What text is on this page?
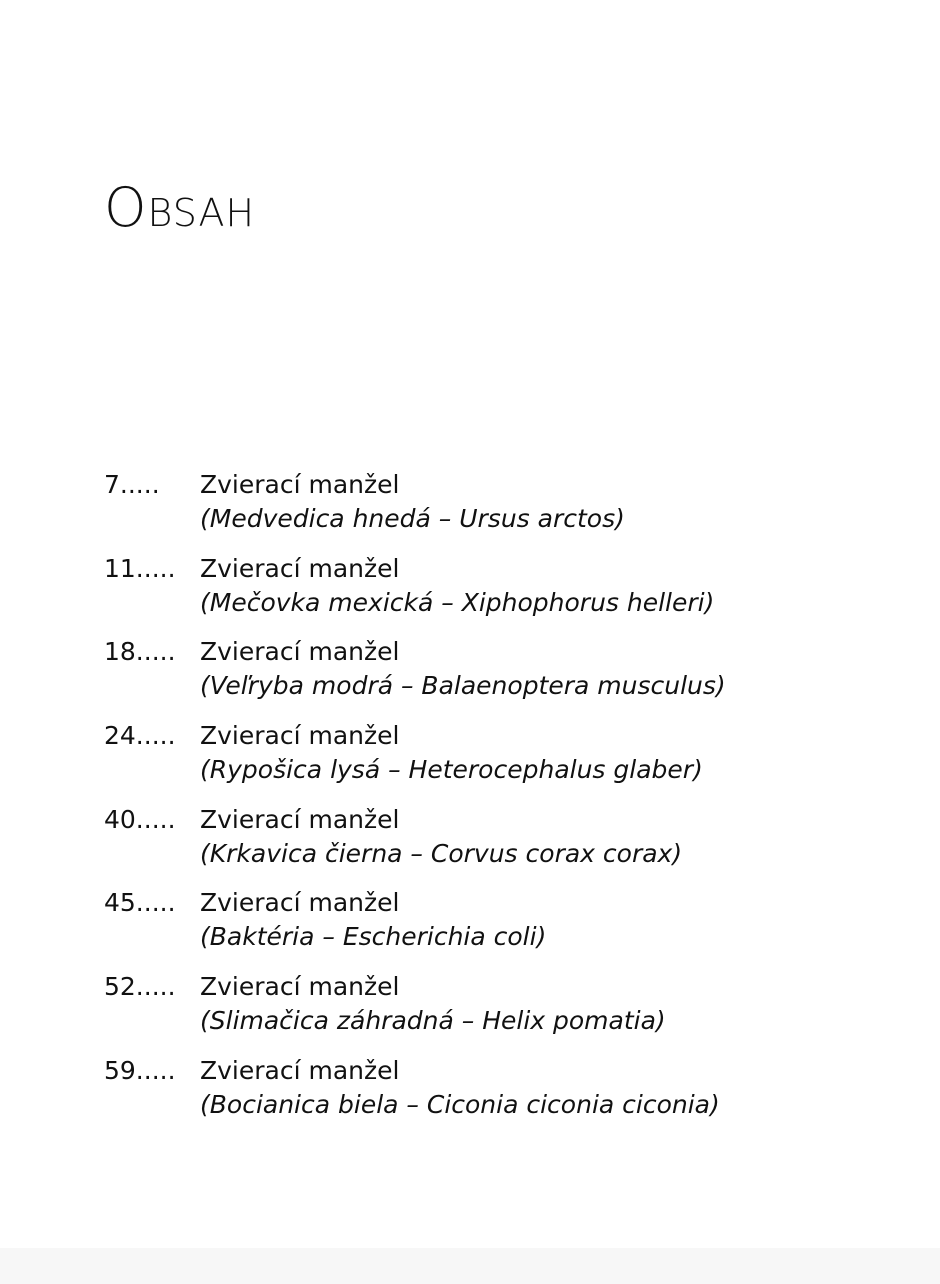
Obsah
7..... Zvierací manžel
(Medvedica hnedá – Ursus arctos)
11..... Zvierací manžel
(Mečovka mexická – Xiphophorus helleri)
18..... Zvierací manžel
(Veľryba modrá – Balaenoptera musculus)
24..... Zvierací manžel
(Rypošica lysá – Heterocephalus glaber)
40..... Zvierací manžel
(Krkavica čierna – Corvus corax corax)
45..... Zvierací manžel
(Baktéria – Escherichia coli)
52..... Zvierací manžel
(Slimačica záhradná – Helix pomatia)
59..... Zvierací manžel
(Bocianica biela – Ciconia ciconia ciconia)
